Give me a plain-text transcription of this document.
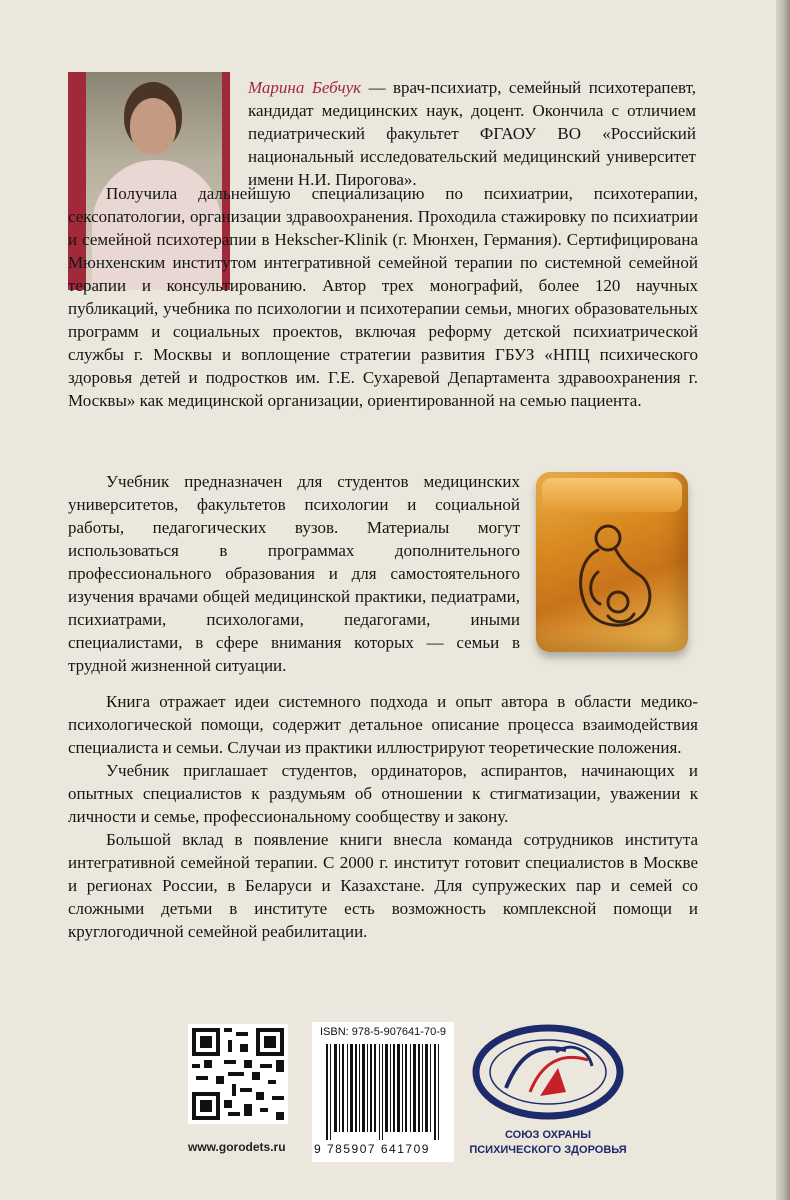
Марина Бебчук — врач-психиатр, семейный психотерапевт, кандидат медицинских наук, доцент. Окончила с отличием педиатрический факультет ФГАОУ ВО «Российский национальный исследовательский медицинский университет имени Н.И. Пирогова».

Получила дальнейшую специализацию по психиатрии, психотерапии, сексопатологии, организации здравоохранения. Проходила стажировку по психиатрии и семейной психотерапии в Heksсher-Klinik (г. Мюнхен, Германия). Сертифицирована Мюнхенским институтом интегративной семейной терапии по системной семейной терапии и консультированию. Автор трех монографий, более 120 научных публикаций, учебника по психологии и психотерапии семьи, многих образовательных программ и социальных проектов, включая реформу детской психиатрической службы г. Москвы и воплощение стратегии развития ГБУЗ «НПЦ психического здоровья детей и подростков им. Г.Е. Сухаревой Департамента здравоохранения г. Москвы» как медицинской организации, ориентированной на семью пациента.

Учебник предназначен для студентов медицинских университетов, факультетов психологии и социальной работы, педагогических вузов. Материалы могут использоваться в программах дополнительного профессионального образования и для самостоятельного изучения врачами общей медицинской практики, педиатрами, психиатрами, психологами, педагогами, иными специалистами, в сфере внимания которых — семьи в трудной жизненной ситуации.

Книга отражает идеи системного подхода и опыт автора в области медико-психологической помощи, содержит детальное описание процесса взаимодействия специалиста и семьи. Случаи из практики иллюстрируют теоретические положения.
Учебник приглашает студентов, ординаторов, аспирантов, начинающих и опытных специалистов к раздумьям об отношении к стигматизации, уважении к личности и семье, профессиональному сообществу и закону.
Большой вклад в появление книги внесла команда сотрудников института интегративной семейной терапии. С 2000 г. институт готовит специалистов в Москве и регионах России, в Беларуси и Казахстане. Для супружеских пар и семей со сложными детьми в институте есть возможность комплексной помощи и круглогодичной семейной реабилитации.

www.gorodets.ru
ISBN: 978-5-907641-70-9
9 785907 641709
СОЮЗ ОХРАНЫ
ПСИХИЧЕСКОГО ЗДОРОВЬЯ
